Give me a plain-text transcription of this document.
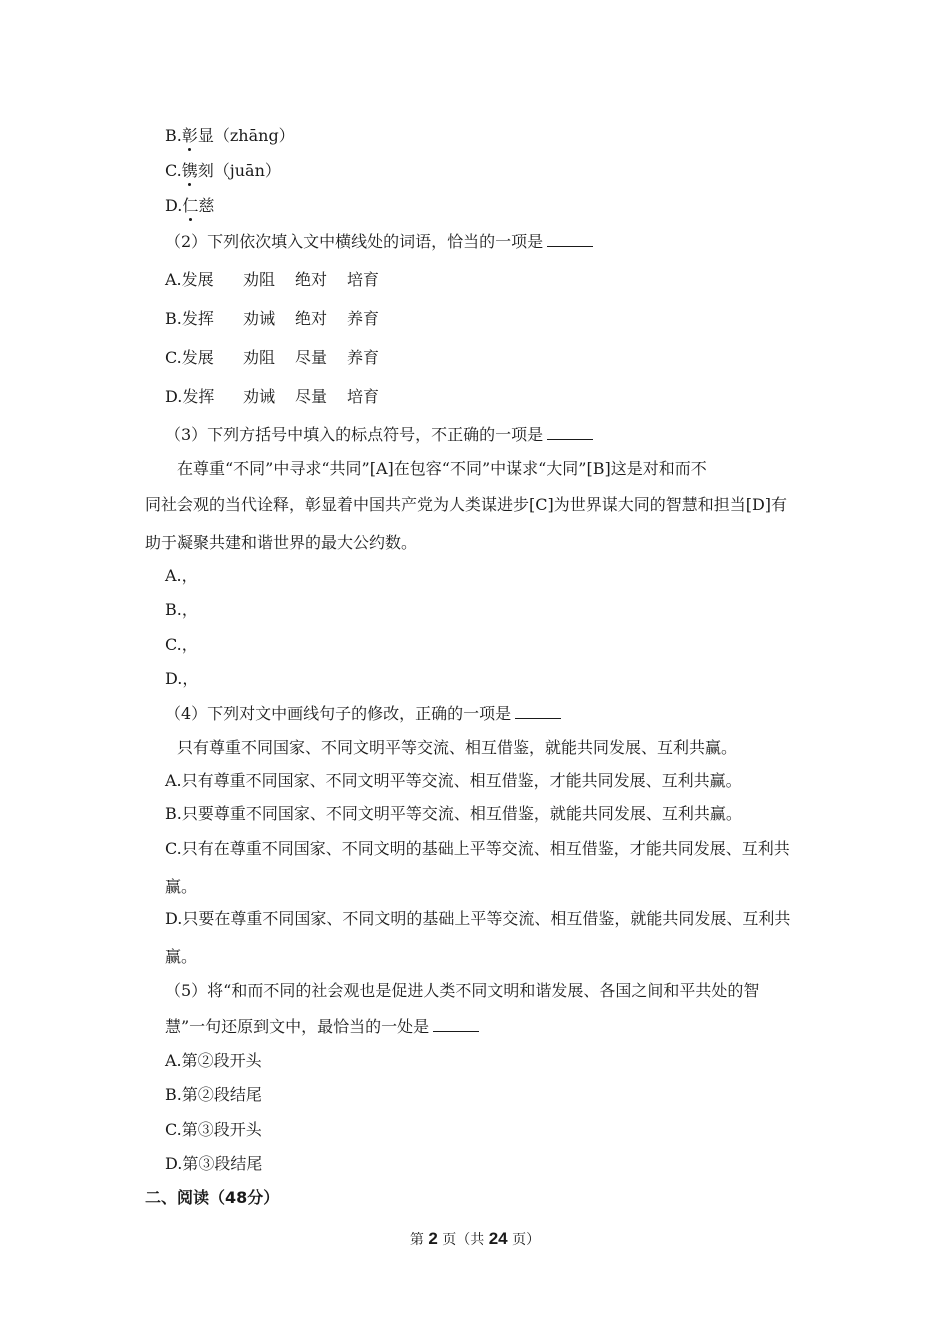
B.彰显（zhāng）
C.镌刻（juān）
D.仁慈
（2）下列依次填入文中横线处的词语，恰当的一项是
A.发展 劝阻 绝对 培育
B.发挥 劝诫 绝对 养育
C.发展 劝阻 尽量 养育
D.发挥 劝诫 尽量 培育
（3）下列方括号中填入的标点符号，不正确的一项是
在尊重“不同”中寻求“共同”[A]在包容“不同”中谋求“大同”[B]这是对和而不
同社会观的当代诠释，彰显着中国共产党为人类谋进步[C]为世界谋大同的智慧和担当[D]有
助于凝聚共建和谐世界的最大公约数。
A.，
B.，
C.，
D.，
（4）下列对文中画线句子的修改，正确的一项是
只有尊重不同国家、不同文明平等交流、相互借鉴，就能共同发展、互利共赢。
A.只有尊重不同国家、不同文明平等交流、相互借鉴，才能共同发展、互利共赢。
B.只要尊重不同国家、不同文明平等交流、相互借鉴，就能共同发展、互利共赢。
C.只有在尊重不同国家、不同文明的基础上平等交流、相互借鉴，才能共同发展、互利共
赢。
D.只要在尊重不同国家、不同文明的基础上平等交流、相互借鉴，就能共同发展、互利共
赢。
（5）将“和而不同的社会观也是促进人类不同文明和谐发展、各国之间和平共处的智
慧”一句还原到文中，最恰当的一处是
A.第②段开头
B.第②段结尾
C.第③段开头
D.第③段结尾
二、阅读（48分）
第 2 页（共 24 页）
